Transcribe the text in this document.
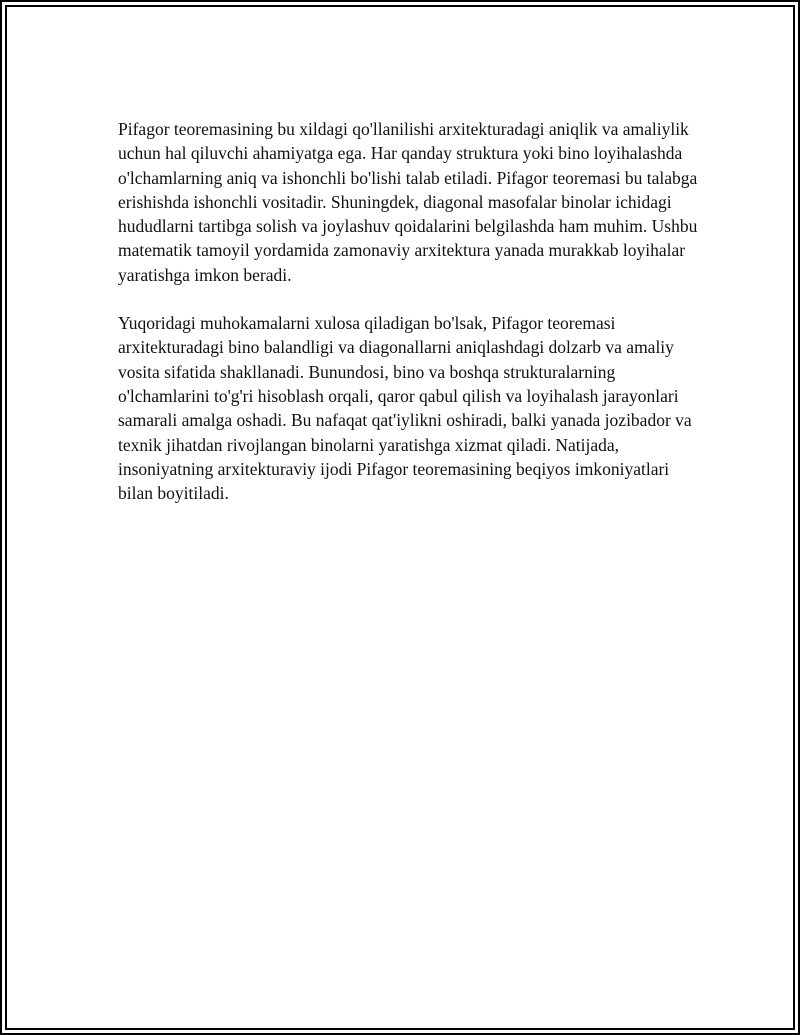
Pifagor teoremasining bu xildagi qo'llanilishi arxitekturadagi aniqlik va amaliylik uchun hal qiluvchi ahamiyatga ega. Har qanday struktura yoki bino loyihalashda o'lchamlarning aniq va ishonchli bo'lishi talab etiladi. Pifagor teoremasi bu talabga erishishda ishonchli vositadir. Shuningdek, diagonal masofalar binolar ichidagi hududlarni tartibga solish va joylashuv qoidalarini belgilashda ham muhim. Ushbu matematik tamoyil yordamida zamonaviy arxitektura yanada murakkab loyihalar yaratishga imkon beradi.

Yuqoridagi muhokamalarni xulosa qiladigan bo'lsak, Pifagor teoremasi arxitekturadagi bino balandligi va diagonallarni aniqlashdagi dolzarb va amaliy vosita sifatida shakllanadi. Bunundosi, bino va boshqa strukturalarning o'lchamlarini to'g'ri hisoblash orqali, qaror qabul qilish va loyihalash jarayonlari samarali amalga oshadi. Bu nafaqat qat'iylikni oshiradi, balki yanada jozibador va texnik jihatdan rivojlangan binolarni yaratishga xizmat qiladi. Natijada, insoniyatning arxitekturaviy ijodi Pifagor teoremasining beqiyos imkoniyatlari bilan boyitiladi.
